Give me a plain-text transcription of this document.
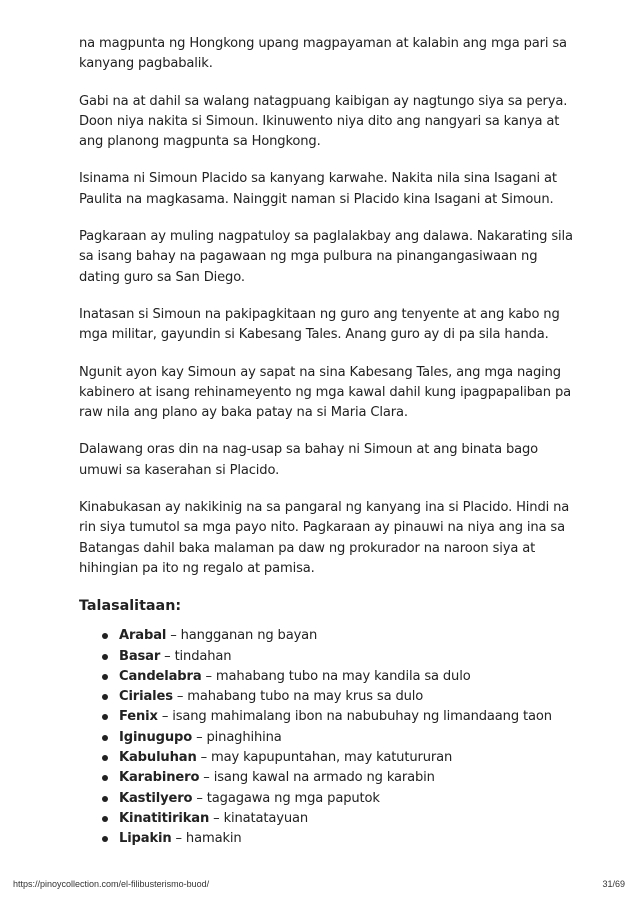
na magpunta ng Hongkong upang magpayaman at kalabin ang mga pari sa kanyang pagbabalik.

Gabi na at dahil sa walang natagpuang kaibigan ay nagtungo siya sa perya. Doon niya nakita si Simoun. Ikinuwento niya dito ang nangyari sa kanya at ang planong magpunta sa Hongkong.

Isinama ni Simoun Placido sa kanyang karwahe. Nakita nila sina Isagani at Paulita na magkasama. Nainggit naman si Placido kina Isagani at Simoun.

Pagkaraan ay muling nagpatuloy sa paglalakbay ang dalawa. Nakarating sila sa isang bahay na pagawaan ng mga pulbura na pinangangasiwaan ng dating guro sa San Diego.

Inatasan si Simoun na pakipagkitaan ng guro ang tenyente at ang kabo ng mga militar, gayundin si Kabesang Tales. Anang guro ay di pa sila handa.

Ngunit ayon kay Simoun ay sapat na sina Kabesang Tales, ang mga naging kabinero at isang rehinameyento ng mga kawal dahil kung ipagpapaliban pa raw nila ang plano ay baka patay na si Maria Clara.

Dalawang oras din na nag-usap sa bahay ni Simoun at ang binata bago umuwi sa kaserahan si Placido.

Kinabukasan ay nakikinig na sa pangaral ng kanyang ina si Placido. Hindi na rin siya tumutol sa mga payo nito. Pagkaraan ay pinauwi na niya ang ina sa Batangas dahil baka malaman pa daw ng prokurador na naroon siya at hihingian pa ito ng regalo at pamisa.

Talasalitaan:
Arabal – hangganan ng bayan
Basar – tindahan
Candelabra – mahabang tubo na may kandila sa dulo
Ciriales – mahabang tubo na may krus sa dulo
Fenix – isang mahimalang ibon na nabubuhay ng limandaang taon
Iginugupo – pinaghihina
Kabuluhan – may kapupuntahan, may katutururan
Karabinero – isang kawal na armado ng karabin
Kastilyero – tagagawa ng mga paputok
Kinatitirikan – kinatatayuan
Lipakin – hamakin
https://pinoycollection.com/el-filibusterismo-buod/	31/69
